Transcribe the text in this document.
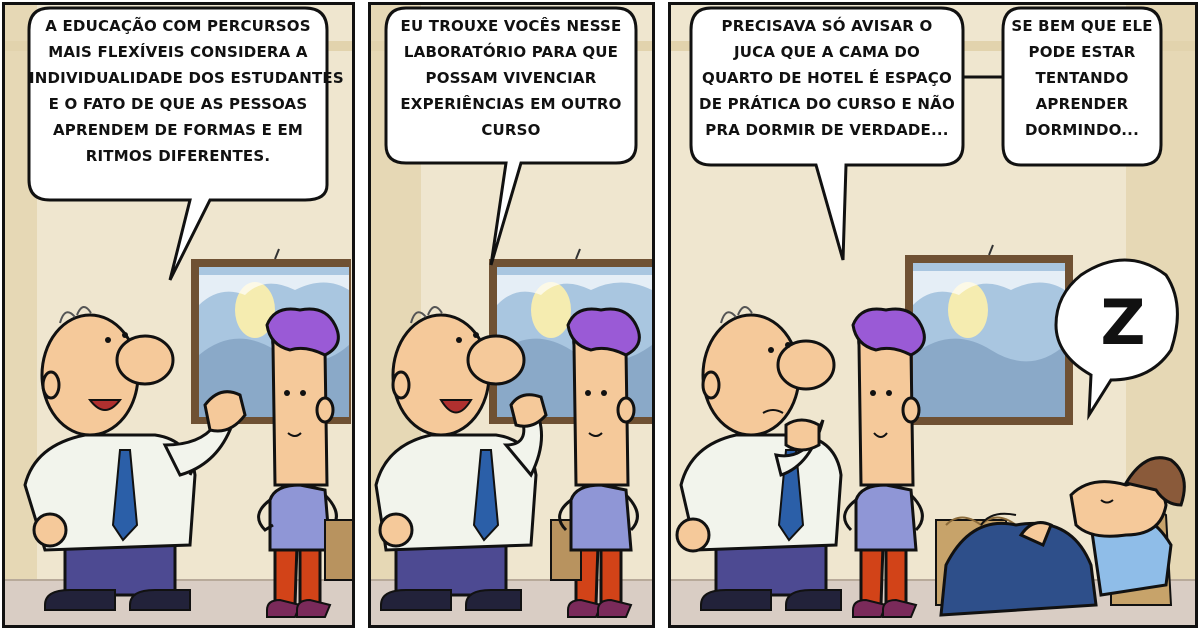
A EDUCAÇÃO COM PERCURSOS
MAIS FLEXÍVEIS CONSIDERA A
INDIVIDUALIDADE DOS ESTUDANTES
E O FATO DE QUE AS PESSOAS
APRENDEM DE FORMAS E EM
RITMOS DIFERENTES.
EU TROUXE VOCÊS NESSE
LABORATÓRIO PARA QUE
POSSAM VIVENCIAR
EXPERIÊNCIAS EM OUTRO
CURSO
PRECISAVA SÓ AVISAR O
JUCA QUE A CAMA DO
QUARTO DE HOTEL É ESPAÇO
DE PRÁTICA DO CURSO E NÃO
PRA DORMIR DE VERDADE...
SE BEM QUE ELE
PODE ESTAR
TENTANDO
APRENDER
DORMINDO...
Z
